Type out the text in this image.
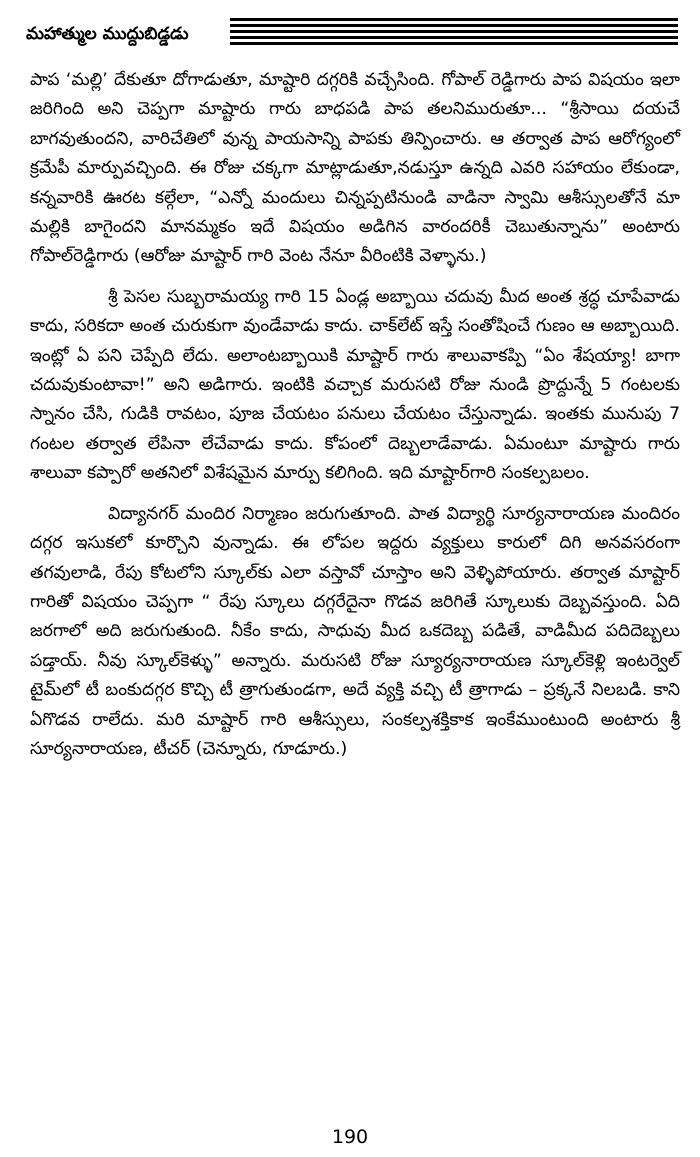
మహాత్ముల ముద్దుబిడ్డడు

పాప ‘మల్లి’ దేకుతూ దోగాడుతూ, మాష్టారి దగ్గరికి వచ్చేసింది. గోపాల్ రెడ్డిగారు పాప విషయం ఇలా జరిగింది అని చెప్పగా మాష్టారు గారు బాధపడి పాప తలనిమురుతూ... “శ్రీసాయి దయచే బాగవుతుందని, వారిచేతిలో వున్న పాయసాన్ని పాపకు తిన్పించారు. ఆ తర్వాత పాప ఆరోగ్యంలో క్రమేపీ మార్పువచ్చింది. ఈ రోజు చక్కగా మాట్లాడుతూ,నడుస్తూ ఉన్నది ఎవరి సహాయం లేకుండా, కన్నవారికి ఊరట కల్గేలా, “ఎన్నో మందులు చిన్నప్పటినుండి వాడినా స్వామి ఆశీస్సులతోనే మా మల్లికి బాగైందని మానమ్మకం ఇదే విషయం అడిగిన వారందరికీ చెబుతున్నాను” అంటారు గోపాల్‌రెడ్డిగారు (ఆరోజు మాష్టార్ గారి వెంట నేనూ వీరింటికి వెళ్ళాను.)

శ్రీ పెసల సుబ్బరామయ్య గారి 15 ఏండ్ల అబ్బాయి చదువు మీద అంత శ్రద్ధ చూపేవాడు కాదు, సరికదా అంత చురుకుగా వుండేవాడు కాదు. చాక్‌లేట్ ఇస్తే సంతోషించే గుణం ఆ అబ్బాయిది. ఇంట్లో ఏ పని చెప్పేది లేదు. అలాంటబ్బాయికి మాష్టార్ గారు శాలువాకప్పి “ఏం శేషయ్యా! బాగా చదువుకుంటావా!” అని అడిగారు. ఇంటికి వచ్చాక మరుసటి రోజు నుండి ప్రొద్దున్నే 5 గంటలకు స్నానం చేసి, గుడికి రావటం, పూజ చేయటం పనులు చేయటం చేస్తున్నాడు. ఇంతకు మునుపు 7 గంటల తర్వాత లేపినా లేచేవాడు కాదు. కోపంలో దెబ్బలాడేవాడు. ఏమంటూ మాష్టారు గారు శాలువా కప్పారో అతనిలో విశేషమైన మార్పు కలిగింది. ఇది మాష్టార్‌గారి సంకల్పబలం.

విద్యానగర్ మందిర నిర్మాణం జరుగుతూంది. పాత విద్యార్థి సూర్యనారాయణ మందిరం దగ్గర ఇసుకలో కూర్చొని వున్నాడు. ఈ లోపల ఇద్దరు వ్యక్తులు కారులో దిగి అనవసరంగా తగవులాడి, రేపు కోటలోని స్కూల్‌కు ఎలా వస్తావో చూస్తాం అని వెళ్ళిపోయారు. తర్వాత మాష్టార్ గారితో విషయం చెప్పగా “ రేపు స్కూలు దగ్గరేదైనా గొడవ జరిగితే స్కూలుకు దెబ్బవస్తుంది. ఏది జరగాలో అది జరుగుతుంది. నీకేం కాదు, సాధువు మీద ఒకదెబ్బ పడితే, వాడిమీద పదిదెబ్బలు పడ్తాయ్. నీవు స్కూల్‌కెళ్ళు” అన్నారు. మరుసటి రోజు స్యూర్యనారాయణ స్కూల్‌కెళ్లి ఇంటర్వెల్ టైమ్‌లో టీ బంకుదగ్గర కొచ్చి టీ త్రాగుతుండగా, అదే వ్యక్తి వచ్చి టీ త్రాగాడు – ప్రక్కనే నిలబడి. కాని ఏగొడవ రాలేదు. మరి మాష్టార్ గారి ఆశీస్సులు, సంకల్పశక్తికాక ఇంకేముంటుంది అంటారు శ్రీ సూర్యనారాయణ, టీచర్ (చెన్నూరు, గూడూరు.)

190
